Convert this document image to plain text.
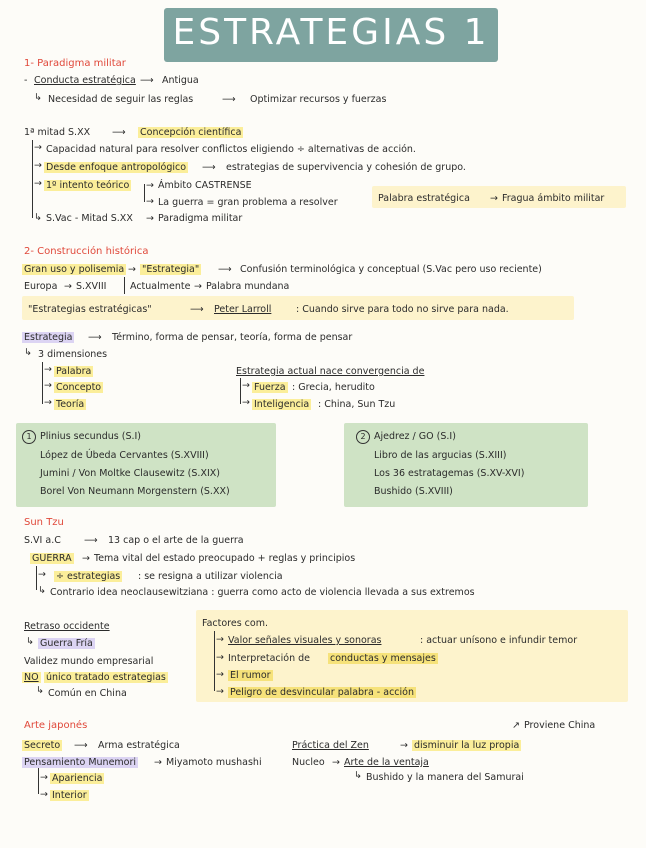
ESTRATEGIAS 1
1- Paradigma militar
- Conducta estratégica ⟶ Antigua
↳ Necesidad de seguir las reglas	⟶ Optimizar recursos y fuerzas
1ª mitad S.XX ⟶ Concepción científica
→ Capacidad natural para resolver conflictos eligiendo ÷ alternativas de acción.
→ Desde enfoque antropológico ⟶ estrategias de supervivencia y cohesión de grupo.
→ 1º intento teórico → Ámbito CASTRENSE
→ La guerra = gran problema a resolver	Palabra estratégica → Fragua ámbito militar
↳ S.Vac - Mitad S.XX → Paradigma militar
2- Construcción histórica
Gran uso y polisemia → "Estrategia" ⟶ Confusión terminológica y conceptual (S.Vac pero uso reciente)
Europa → S.XVIII Actualmente → Palabra mundana
"Estrategias estratégicas"	⟶ Peter Larroll	: Cuando sirve para todo no sirve para nada.
Estrategia ⟶ Término, forma de pensar, teoría, forma de pensar
↳ 3 dimensiones
→ Palabra
→ Concepto
→ Teoría
Estrategia actual nace convergencia de
→ Fuerza : Grecia, herudito
→ Inteligencia : China, Sun Tzu
1 Plinius secundus (S.I)
López de Úbeda Cervantes (S.XVIII)
Jumini / Von Moltke Clausewitz (S.XIX)
Borel Von Neumann Morgenstern (S.XX)
2 Ajedrez / GO (S.I)
Libro de las argucias (S.XIII)
Los 36 estratagemas (S.XV-XVI)
Bushido (S.XVIII)
Sun Tzu
S.VI a.C ⟶ 13 cap o el arte de la guerra
GUERRA → Tema vital del estado preocupado + reglas y principios
→ ÷ estrategias : se resigna a utilizar violencia
↳ Contrario idea neoclausewitziana : guerra como acto de violencia llevada a sus extremos
Retraso occidente
↳ Guerra Fría
Validez mundo empresarial
NO único tratado estrategias
↳ Común en China
Factores com.
→ Valor señales visuales y sonoras	: actuar unísono e infundir temor
→ Interpretación de conductas y mensajes
→ El rumor
→ Peligro de desvincular palabra - acción
Arte japonés
Secreto ⟶ Arma estratégica
Pensamiento Munemori → Miyamoto mushashi
→ Apariencia
→ Interior
↗ Proviene China
Práctica del Zen	→ disminuir la luz propia
Nucleo → Arte de la ventaja
↳ Bushido y la manera del Samurai
